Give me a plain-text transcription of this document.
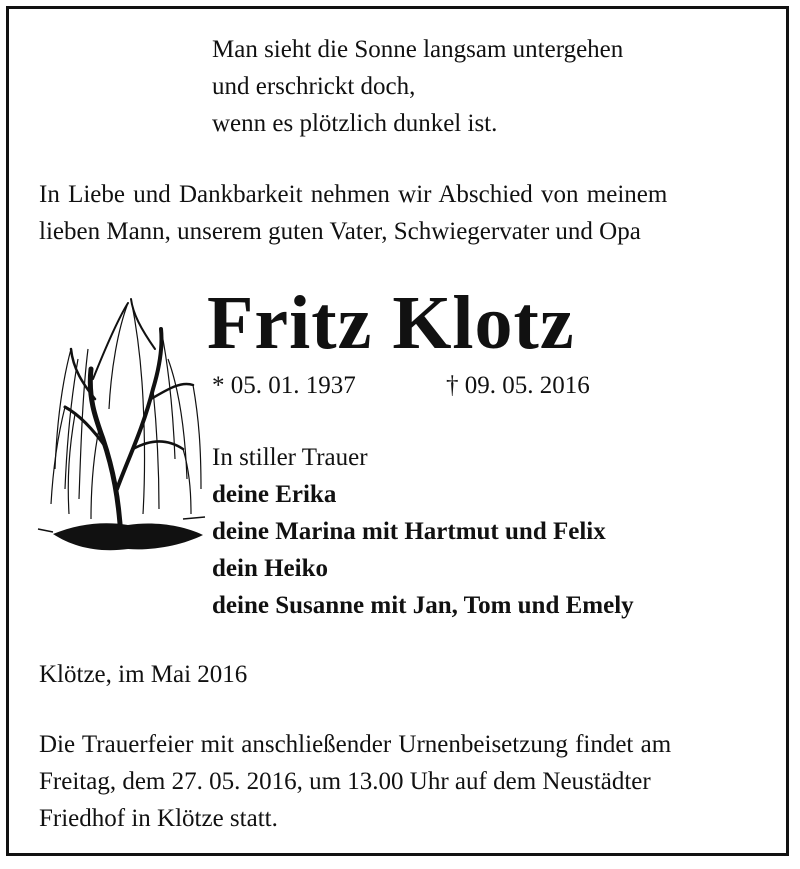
Man sieht die Sonne langsam untergehen
und erschrickt doch,
wenn es plötzlich dunkel ist.
In Liebe und Dankbarkeit nehmen wir Abschied von meinem
lieben Mann, unserem guten Vater, Schwiegervater und Opa
Fritz Klotz
* 05. 01. 1937	† 09. 05. 2016
In stiller Trauer
deine Erika
deine Marina mit Hartmut und Felix
dein Heiko
deine Susanne mit Jan, Tom und Emely
Klötze, im Mai 2016
Die Trauerfeier mit anschließender Urnenbeisetzung findet am
Freitag, dem 27. 05. 2016, um 13.00 Uhr auf dem Neustädter
Friedhof in Klötze statt.
